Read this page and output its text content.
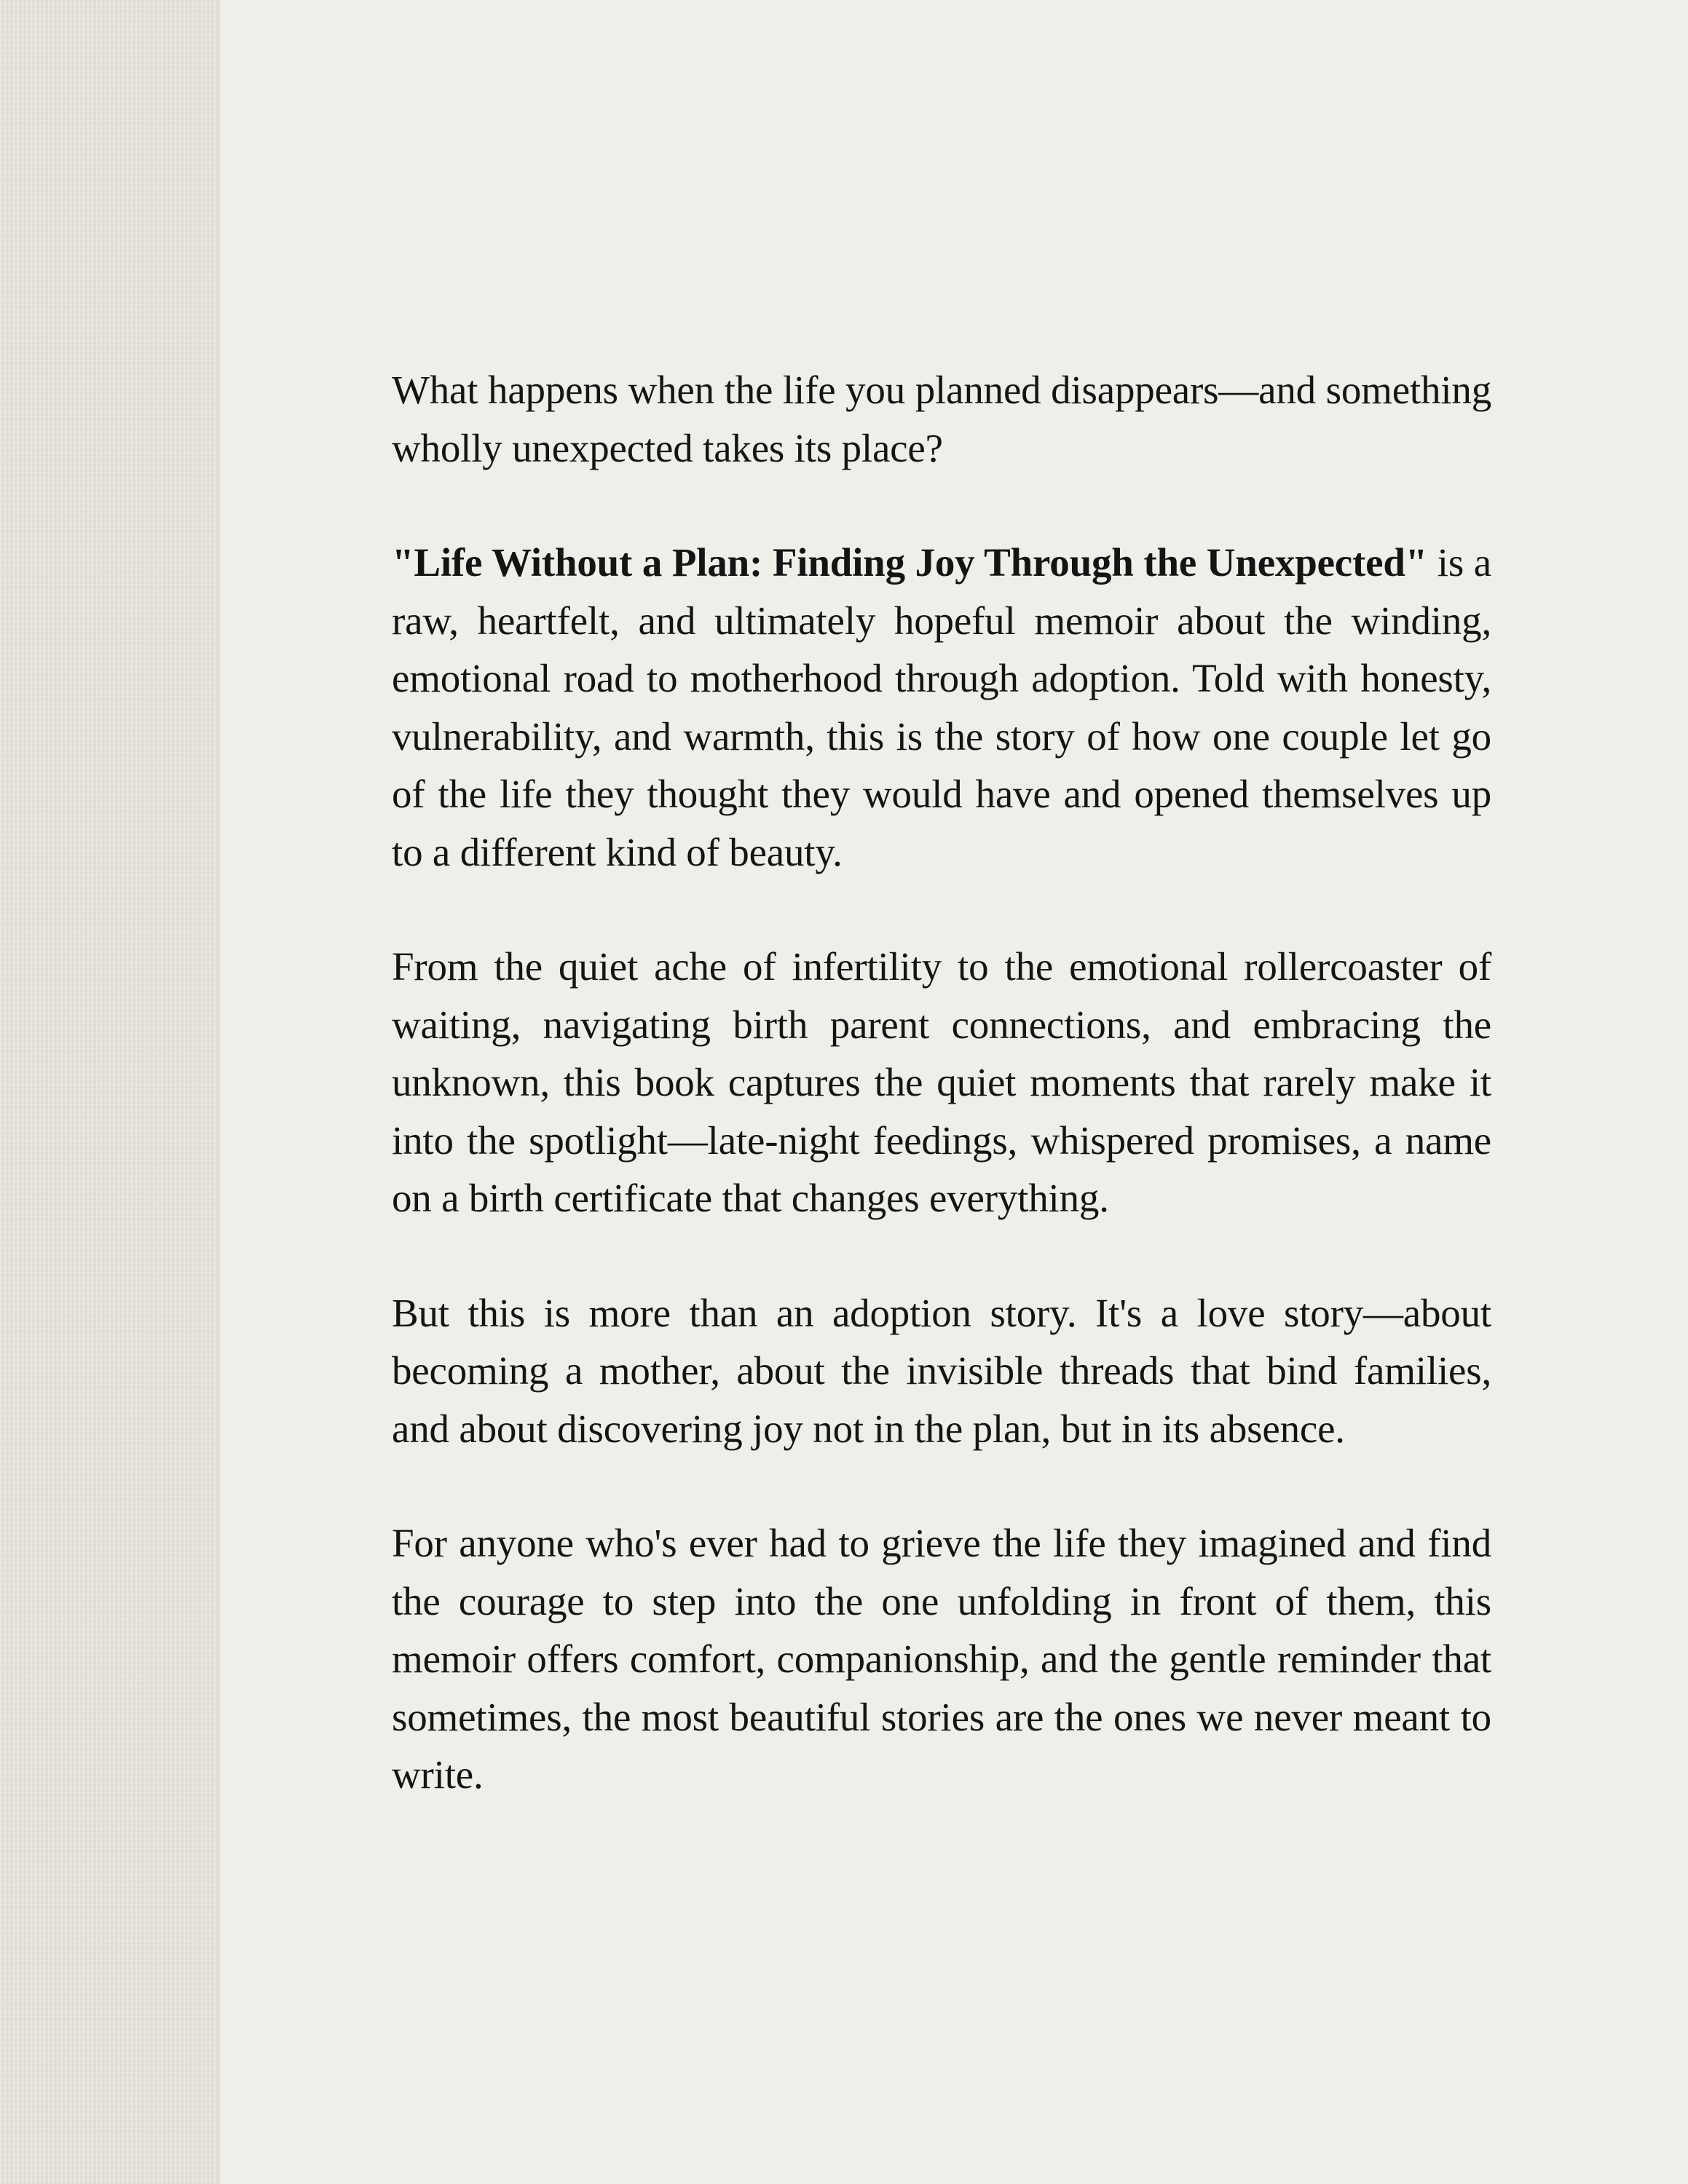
What happens when the life you planned disappears—and something wholly unexpected takes its place?

"Life Without a Plan: Finding Joy Through the Unexpected" is a raw, heartfelt, and ultimately hopeful memoir about the winding, emotional road to motherhood through adoption. Told with honesty, vulnerability, and warmth, this is the story of how one couple let go of the life they thought they would have and opened themselves up to a different kind of beauty.

From the quiet ache of infertility to the emotional rollercoaster of waiting, navigating birth parent connections, and embracing the unknown, this book captures the quiet moments that rarely make it into the spotlight—late-night feedings, whispered promises, a name on a birth certificate that changes everything.

But this is more than an adoption story. It's a love story—about becoming a mother, about the invisible threads that bind families, and about discovering joy not in the plan, but in its absence.

For anyone who's ever had to grieve the life they imagined and find the courage to step into the one unfolding in front of them, this memoir offers comfort, companionship, and the gentle reminder that sometimes, the most beautiful stories are the ones we never meant to write.
